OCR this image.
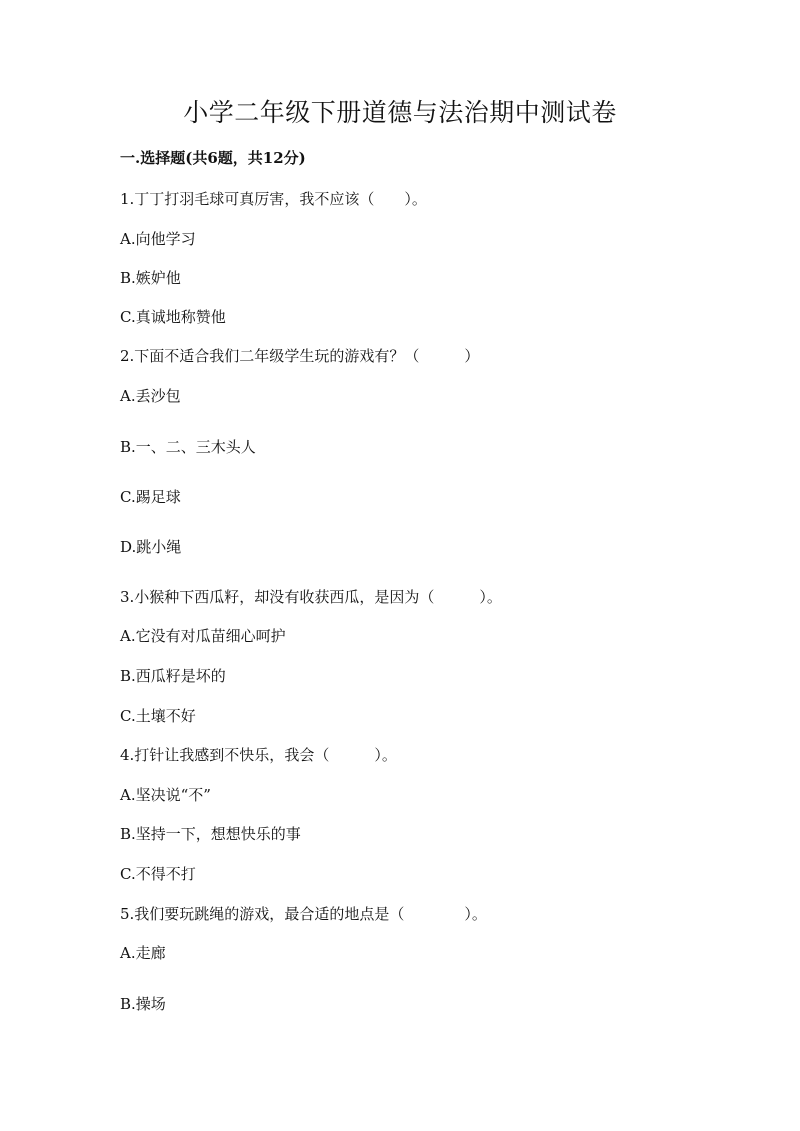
小学二年级下册道德与法治期中测试卷
一.选择题(共6题，共12分)
1.丁丁打羽毛球可真厉害，我不应该（　　）。
A.向他学习
B.嫉妒他
C.真诚地称赞他
2.下面不适合我们二年级学生玩的游戏有？（　　　）
A.丢沙包
B.一、二、三木头人
C.踢足球
D.跳小绳
3.小猴种下西瓜籽，却没有收获西瓜，是因为（　　　）。
A.它没有对瓜苗细心呵护
B.西瓜籽是坏的
C.土壤不好
4.打针让我感到不快乐，我会（　　　）。
A.坚决说“不”
B.坚持一下，想想快乐的事
C.不得不打
5.我们要玩跳绳的游戏，最合适的地点是（　　　　）。
A.走廊
B.操场
